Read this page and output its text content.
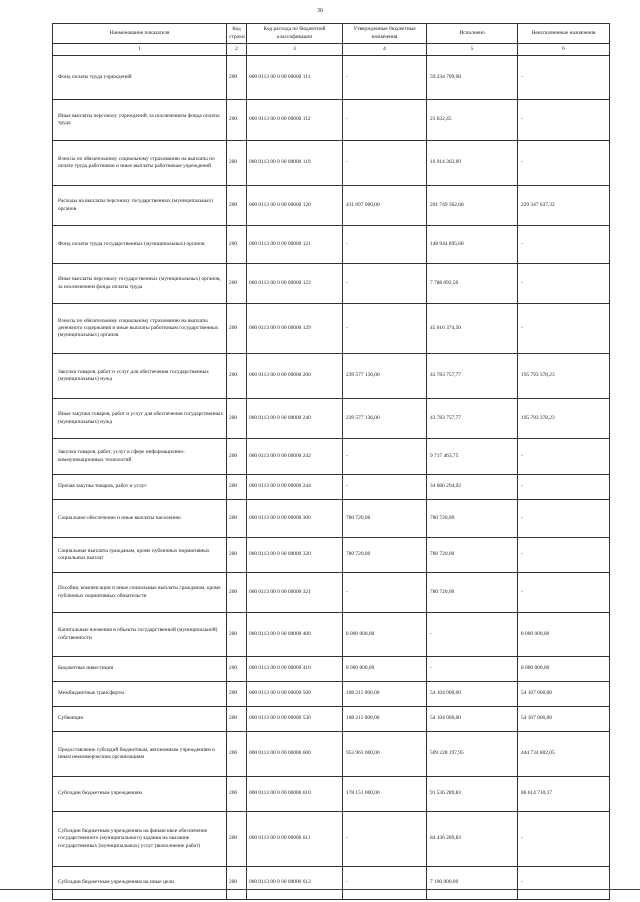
36
Наименование показателя	Код строки	Код расхода по бюджетной классификации	Утвержденные бюджетные назначения	Исполнено	Неисполненные назначения
1	2	3	4	5	6
Фонд оплаты труда учреждений	200	000 0113 00 0 00 00000 111	-	59 234 709,08	-
Иные выплаты персоналу учреждений, за исключением фонда оплаты труда	200	000 0113 00 0 00 00000 112	-	23 632,45	-
Взносы по обязательному социальному страхованию на выплаты по оплате труда работников и иные выплаты работникам учреждений	200	000 0113 00 0 00 00000 119	-	16 914 363,69	-
Расходы на выплаты персоналу государственных (муниципальных) органов	200	000 0113 00 0 00 00000 120	431 097 000,00	201 749 362,68	229 347 637,32
Фонд оплаты труда государственных (муниципальных) органов	200	000 0113 00 0 00 00000 121	-	148 944 895,68	-
Иные выплаты персоналу государственных (муниципальных) органов, за исключением фонда оплаты труда	200	000 0113 00 0 00 00000 122	-	7 788 092,50	-
Взносы по обязательному социальному страхованию на выплаты денежного содержания и иные выплаты работникам государственных (муниципальных) органов	200	000 0113 00 0 00 00000 129	-	45 016 374,50	-
Закупка товаров, работ и услуг для обеспечения государственных (муниципальных) нужд	200	000 0113 00 0 00 00000 200	239 577 136,00	43 783 757,77	195 793 378,23
Иные закупки товаров, работ и услуг для обеспечения государственных (муниципальных) нужд	200	000 0113 00 0 00 00000 240	239 577 136,00	43 783 757,77	195 793 378,23
Закупка товаров, работ, услуг в сфере информационно-коммуникационных технологий	200	000 0113 00 0 00 00000 242	-	9 717 463,75	-
Прочая закупка товаров, работ и услуг	200	000 0113 00 0 00 00000 244	-	34 066 294,02	-
Социальное обеспечение и иные выплаты населению	200	000 0113 00 0 00 00000 300	780 720,00	780 720,00	-
Социальные выплаты гражданам, кроме публичных нормативных социальных выплат	200	000 0113 00 0 00 00000 320	780 720,00	780 720,00	-
Пособия, компенсации и иные социальные выплаты гражданам, кроме публичных нормативных обязательств	200	000 0113 00 0 00 00000 321	-	780 720,00	-
Капитальные вложения в объекты государственной (муниципальной) собственности	200	000 0113 00 0 00 00000 400	8 000 000,00	-	8 000 000,00
Бюджетные инвестиции	200	000 0113 00 0 00 00000 410	8 000 000,00	-	8 000 000,00
Межбюджетные трансферты	200	000 0113 00 0 00 00000 500	108 211 000,00	54 104 000,00	54 107 000,00
Субвенции	200	000 0113 00 0 00 00000 530	108 211 000,00	54 104 000,00	54 107 000,00
Предоставление субсидий бюджетным, автономным учреждениям и иным некоммерческим организациям	200	000 0113 00 0 00 00000 600	953 963 000,00	509 228 197,95	444 734 802,05
Субсидии бюджетным учреждениям	200	000 0113 00 0 00 00000 610	178 151 000,00	91 536 289,83	86 614 710,17
Субсидии бюджетным учреждениям на финансовое обеспечение государственного (муниципального) задания на оказание государственных (муниципальных) услуг (выполнение работ)	200	000 0113 00 0 00 00000 611	-	84 436 289,83	-
Субсидии бюджетным учреждениям на иные цели	200	000 0113 00 0 00 00000 612	-	7 100 000,00	-
